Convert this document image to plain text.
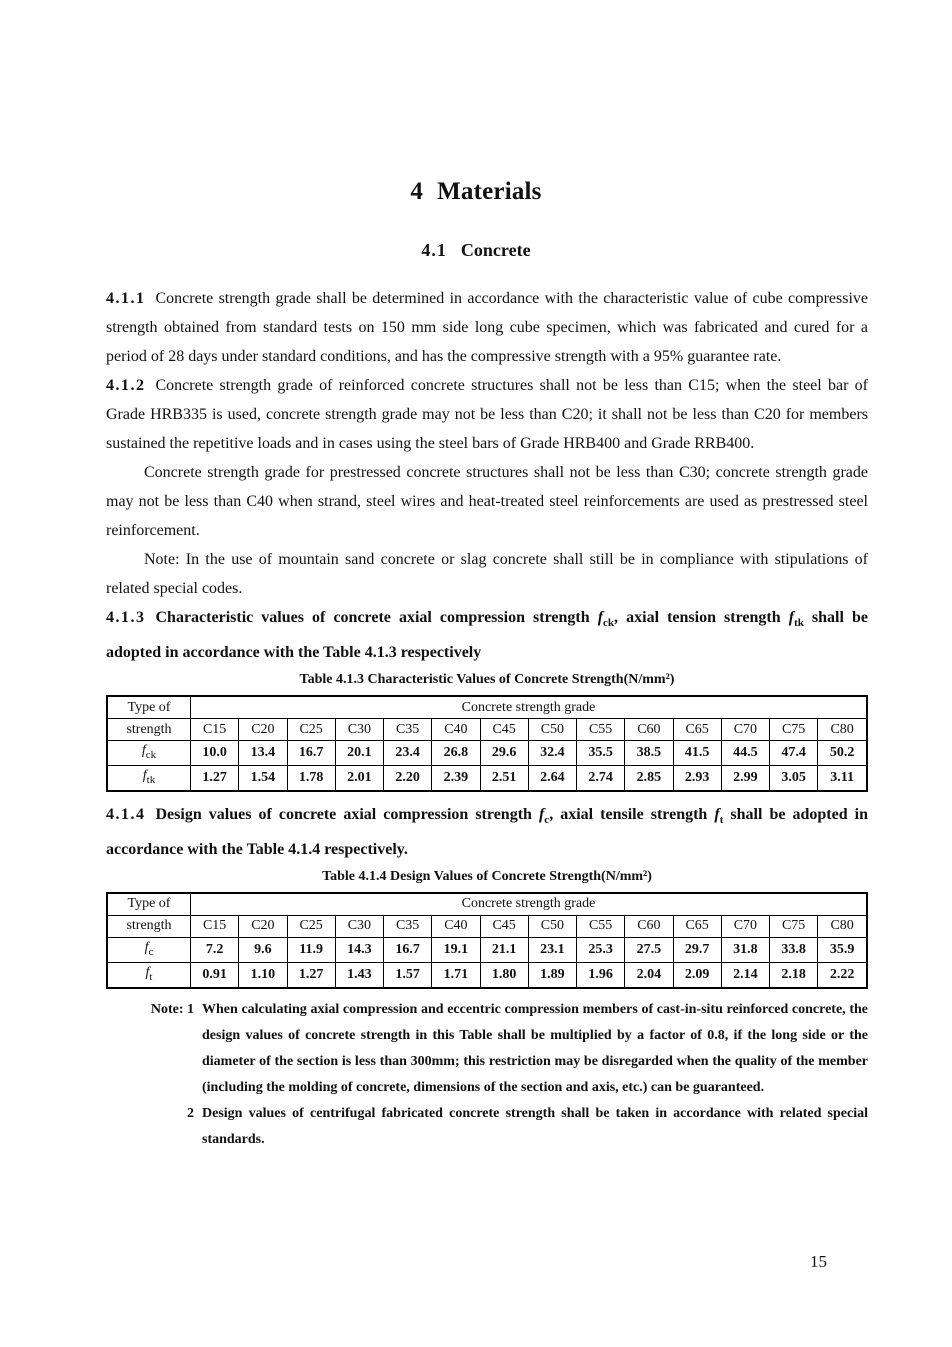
4 Materials
4.1 Concrete

4.1.1 Concrete strength grade shall be determined in accordance with the characteristic value of cube compressive strength obtained from standard tests on 150 mm side long cube specimen, which was fabricated and cured for a period of 28 days under standard conditions, and has the compressive strength with a 95% guarantee rate.

4.1.2 Concrete strength grade of reinforced concrete structures shall not be less than C15; when the steel bar of Grade HRB335 is used, concrete strength grade may not be less than C20; it shall not be less than C20 for members sustained the repetitive loads and in cases using the steel bars of Grade HRB400 and Grade RRB400.

Concrete strength grade for prestressed concrete structures shall not be less than C30; concrete strength grade may not be less than C40 when strand, steel wires and heat-treated steel reinforcements are used as prestressed steel reinforcement.

Note: In the use of mountain sand concrete or slag concrete shall still be in compliance with stipulations of related special codes.

4.1.3 Characteristic values of concrete axial compression strength $f_{ck}$, axial tension strength $f_{tk}$ shall be adopted in accordance with the Table 4.1.3 respectively

Table 4.1.3 Characteristic Values of Concrete Strength(N/mm²)
Type of	Concrete strength grade													
strength	C15	C20	C25	C30	C35	C40	C45	C50	C55	C60	C65	C70	C75	C80
$f_{ck}$	10.0	13.4	16.7	20.1	23.4	26.8	29.6	32.4	35.5	38.5	41.5	44.5	47.4	50.2
$f_{tk}$	1.27	1.54	1.78	2.01	2.20	2.39	2.51	2.64	2.74	2.85	2.93	2.99	3.05	3.11

4.1.4 Design values of concrete axial compression strength $f_c$, axial tensile strength $f_t$ shall be adopted in accordance with the Table 4.1.4 respectively.

Table 4.1.4 Design Values of Concrete Strength(N/mm²)
Type of	Concrete strength grade													
strength	C15	C20	C25	C30	C35	C40	C45	C50	C55	C60	C65	C70	C75	C80
$f_c$	7.2	9.6	11.9	14.3	16.7	19.1	21.1	23.1	25.3	27.5	29.7	31.8	33.8	35.9
$f_t$	0.91	1.10	1.27	1.43	1.57	1.71	1.80	1.89	1.96	2.04	2.09	2.14	2.18	2.22
Note: 1 When calculating axial compression and eccentric compression members of cast-in-situ reinforced concrete, the design values of concrete strength in this Table shall be multiplied by a factor of 0.8, if the long side or the diameter of the section is less than 300mm; this restriction may be disregarded when the quality of the member (including the molding of concrete, dimensions of the section and axis, etc.) can be guaranteed.
2 Design values of centrifugal fabricated concrete strength shall be taken in accordance with related special standards.
15
